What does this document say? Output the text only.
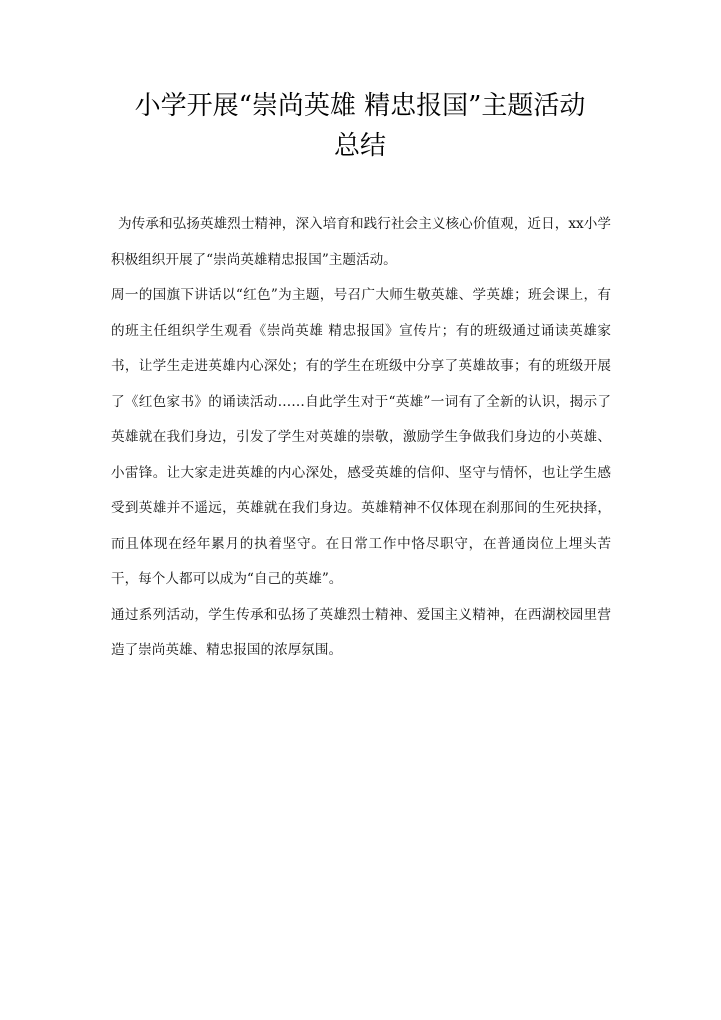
小学开展“崇尚英雄 精忠报国”主题活动
总结

为传承和弘扬英雄烈士精神，深入培育和践行社会主义核心价值观，近日，xx小学积极组织开展了“崇尚英雄精忠报国”主题活动。

周一的国旗下讲话以“红色”为主题，号召广大师生敬英雄、学英雄；班会课上，有的班主任组织学生观看《崇尚英雄 精忠报国》宣传片；有的班级通过诵读英雄家书，让学生走进英雄内心深处；有的学生在班级中分享了英雄故事；有的班级开展了《红色家书》的诵读活动……自此学生对于“英雄”一词有了全新的认识，揭示了英雄就在我们身边，引发了学生对英雄的崇敬，激励学生争做我们身边的小英雄、小雷锋。让大家走进英雄的内心深处，感受英雄的信仰、坚守与情怀，也让学生感受到英雄并不遥远，英雄就在我们身边。英雄精神不仅体现在刹那间的生死抉择，而且体现在经年累月的执着坚守。在日常工作中恪尽职守，在普通岗位上埋头苦干，每个人都可以成为“自己的英雄”。

通过系列活动，学生传承和弘扬了英雄烈士精神、爱国主义精神，在西湖校园里营造了崇尚英雄、精忠报国的浓厚氛围。
